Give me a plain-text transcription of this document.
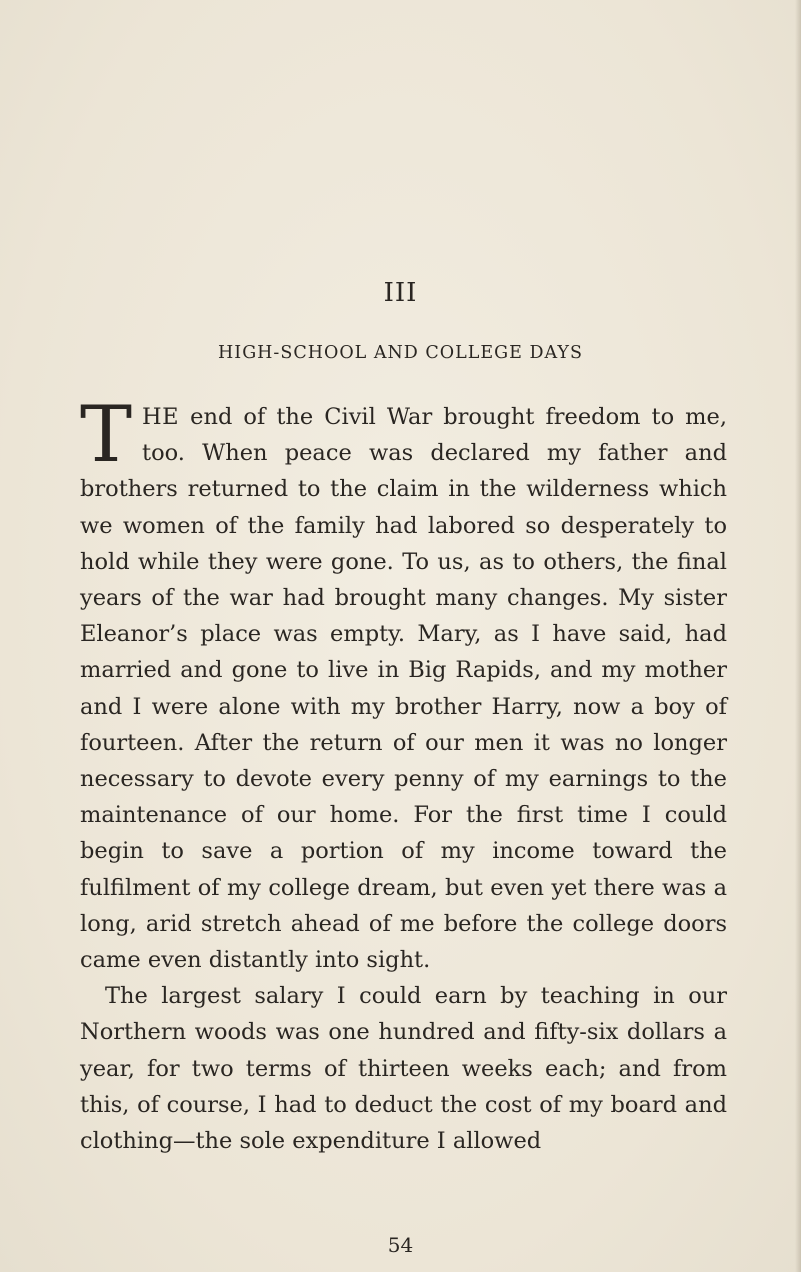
III
HIGH-SCHOOL AND COLLEGE DAYS

THE end of the Civil War brought freedom to me, too. When peace was declared my father and brothers returned to the claim in the wilderness which we women of the family had labored so desperately to hold while they were gone. To us, as to others, the final years of the war had brought many changes. My sister Eleanor’s place was empty. Mary, as I have said, had married and gone to live in Big Rapids, and my mother and I were alone with my brother Harry, now a boy of fourteen. After the return of our men it was no longer necessary to devote every penny of my earnings to the maintenance of our home. For the first time I could begin to save a portion of my income toward the fulfilment of my college dream, but even yet there was a long, arid stretch ahead of me before the college doors came even distantly into sight.

The largest salary I could earn by teaching in our Northern woods was one hundred and fifty-six dollars a year, for two terms of thirteen weeks each; and from this, of course, I had to deduct the cost of my board and clothing—the sole expenditure I allowed

54
